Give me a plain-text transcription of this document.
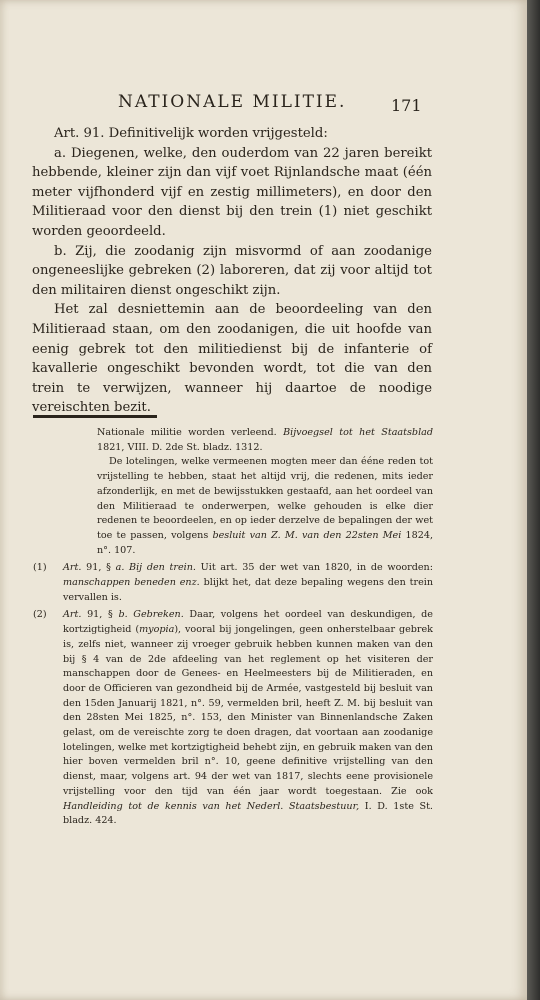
NATIONALE MILITIE.	171

Art. 91. Definitivelijk worden vrijgesteld:

a. Diegenen, welke, den ouderdom van 22 jaren bereikt hebbende, kleiner zijn dan vijf voet Rijnlandsche maat (één meter vijfhonderd vijf en zestig millimeters), en door den Militieraad voor den dienst bij den trein (1) niet geschikt worden geoordeeld.

b. Zij, die zoodanig zijn misvormd of aan zoodanige ongeneeslijke gebreken (2) laboreren, dat zij voor altijd tot den militairen dienst ongeschikt zijn.

Het zal desniettemin aan de beoordeeling van den Militieraad staan, om den zoodanigen, die uit hoofde van eenig gebrek tot den militiedienst bij de infanterie of kavallerie ongeschikt bevonden wordt, tot die van den trein te verwijzen, wanneer hij daartoe de noodige vereischten bezit.

Nationale militie worden verleend. Bijvoegsel tot het Staatsblad 1821, VIII. D. 2de St. bladz. 1312.

De lotelingen, welke vermeenen mogten meer dan ééne reden tot vrijstelling te hebben, staat het altijd vrij, die redenen, mits ieder afzonderlijk, en met de bewijsstukken gestaafd, aan het oordeel van den Militieraad te onderwerpen, welke gehouden is elke dier redenen te beoordeelen, en op ieder derzelve de bepalingen der wet toe te passen, volgens besluit van Z. M. van den 22sten Mei 1824, n°. 107.

(1)	Art. 91, § a. Bij den trein. Uit art. 35 der wet van 1820, in de woorden: manschappen beneden enz. blijkt het, dat deze bepaling wegens den trein vervallen is.
(2)	Art. 91, § b. Gebreken. Daar, volgens het oordeel van deskundigen, de kortzigtigheid (myopia), vooral bij jongelingen, geen onherstelbaar gebrek is, zelfs niet, wanneer zij vroeger gebruik hebben kunnen maken van den bij § 4 van de 2de afdeeling van het reglement op het visiteren der manschappen door de Genees- en Heelmeesters bij de Militieraden, en door de Officieren van gezondheid bij de Armée, vastgesteld bij besluit van den 15den Januarij 1821, n°. 59, vermelden bril, heeft Z. M. bij besluit van den 28sten Mei 1825, n°. 153, den Minister van Binnenlandsche Zaken gelast, om de vereischte zorg te doen dragen, dat voortaan aan zoodanige lotelingen, welke met kortzigtigheid behebt zijn, en gebruik maken van den hier boven vermelden bril n°. 10, geene definitive vrijstelling van den dienst, maar, volgens art. 94 der wet van 1817, slechts eene provisionele vrijstelling voor den tijd van één jaar wordt toegestaan. Zie ook Handleiding tot de kennis van het Nederl. Staatsbestuur, I. D. 1ste St. bladz. 424.
